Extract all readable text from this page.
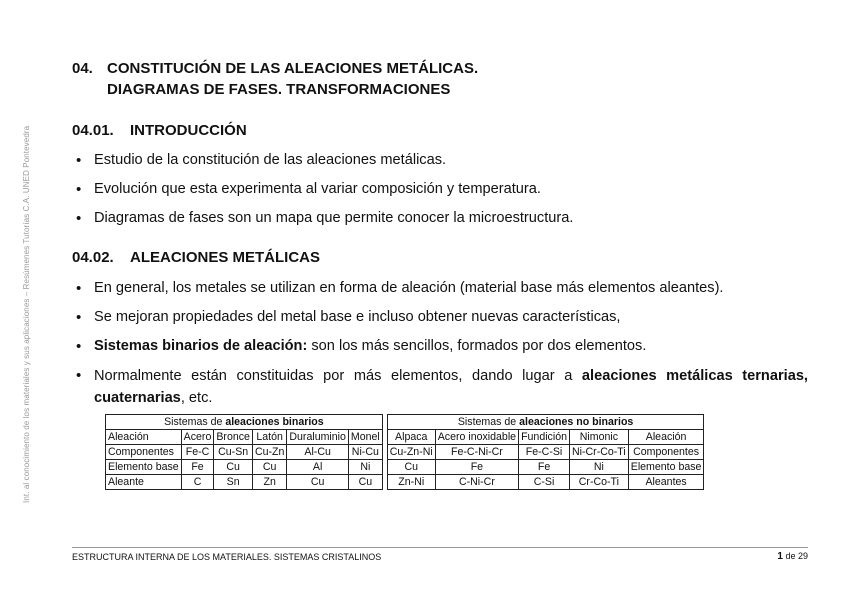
Int. al conocimiento de los materiales y sus aplicaciones – Resúmenes Tutorías C.A. UNED Pontevedra
04. CONSTITUCIÓN DE LAS ALEACIONES METÁLICAS.
DIAGRAMAS DE FASES. TRANSFORMACIONES
04.01. INTRODUCCIÓN
• Estudio de la constitución de las aleaciones metálicas.
• Evolución que esta experimenta al variar composición y temperatura.
• Diagramas de fases son un mapa que permite conocer la microestructura.
04.02. ALEACIONES METÁLICAS
• En general, los metales se utilizan en forma de aleación (material base más elementos aleantes).
• Se mejoran propiedades del metal base e incluso obtener nuevas características,
• Sistemas binarios de aleación: son los más sencillos, formados por dos elementos.
• Normalmente están constituidas por más elementos, dando lugar a aleaciones metálicas ternarias, cuaternarias, etc.
Sistemas de aleaciones binarios							Sistemas de aleaciones no binarios				
Aleación	Acero	Bronce	Latón	Duraluminio	Monel		Alpaca	Acero inoxidable	Fundición	Nimonic	Aleación
Componentes	Fe-C	Cu-Sn	Cu-Zn	Al-Cu	Ni-Cu		Cu-Zn-Ni	Fe-C-Ni-Cr	Fe-C-Si	Ni-Cr-Co-Ti	Componentes
Elemento base	Fe	Cu	Cu	Al	Ni		Cu	Fe	Fe	Ni	Elemento base
Aleante	C	Sn	Zn	Cu	Cu		Zn-Ni	C-Ni-Cr	C-Si	Cr-Co-Ti	Aleantes
ESTRUCTURA INTERNA DE LOS MATERIALES. SISTEMAS CRISTALINOS	1 de 29
